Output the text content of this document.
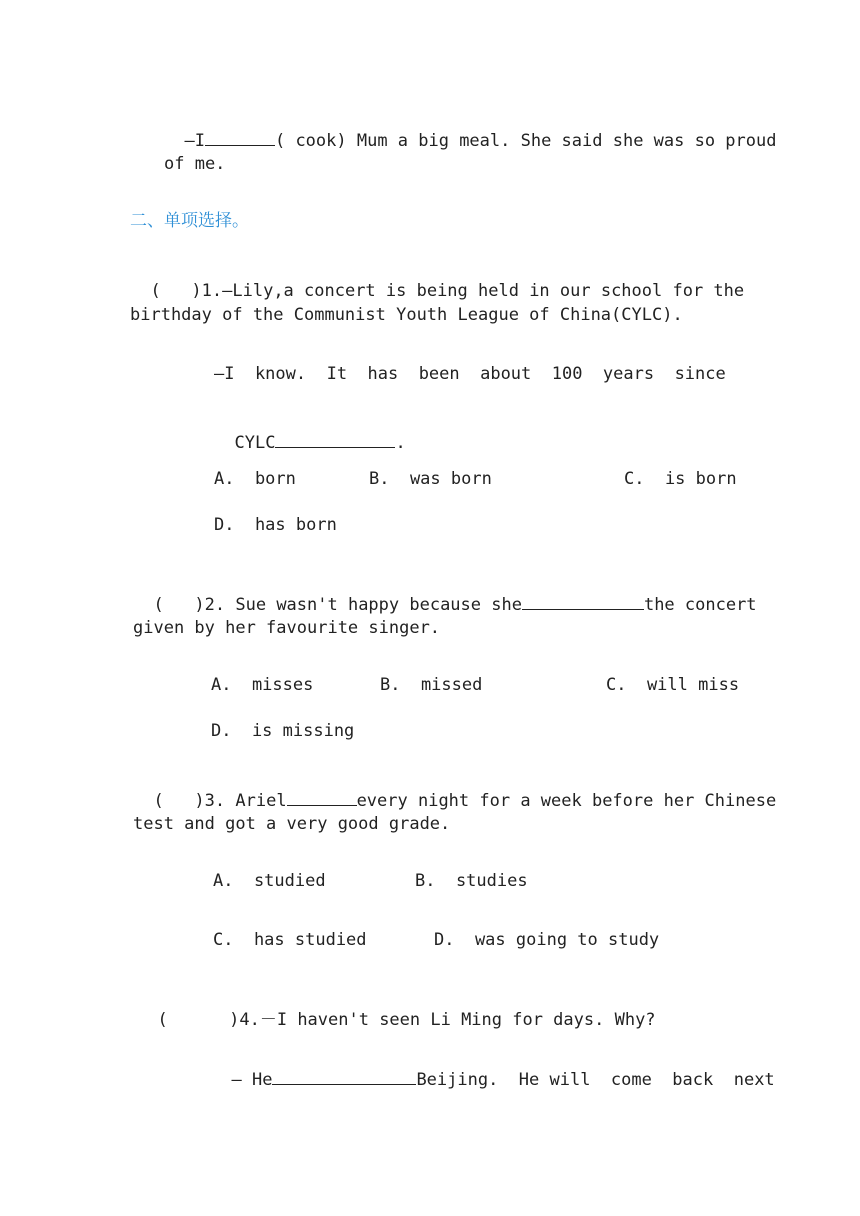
—I	( cook) Mum a big meal. She said she was so proud

of me.
二、单项选择。

(   )1.—Lily,a concert is being held in our school for the

birthday of the Communist Youth League of China(CYLC).
—I  know.  It  has  been  about  100  years  since

CYLC	.

A.  born	B.  was born	C.  is born
D.  has born

(   )2. Sue wasn't happy because she	the concert

given by her favourite singer.
A.  misses	B.  missed	C.  will miss
D.  is missing

(   )3. Ariel	every night for a week before her Chinese

test and got a very good grade.
A.  studied	B.  studies
C.  has studied	D.  was going to study

(      )4.－I haven't seen Li Ming for days. Why?

— He	Beijing.  He will  come  back  next
